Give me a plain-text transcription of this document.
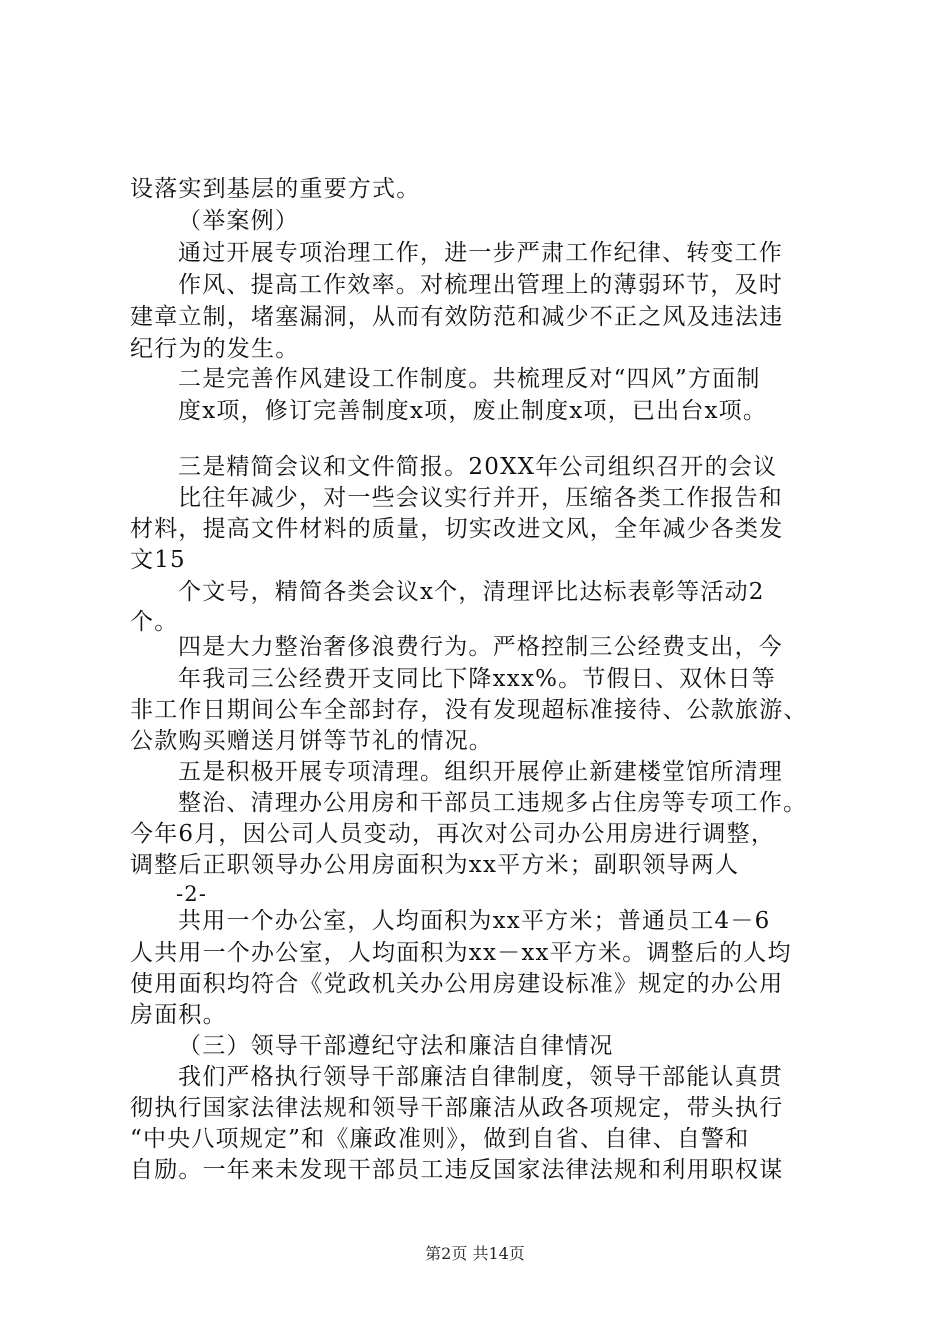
设落实到基层的重要方式。
（举案例）
通过开展专项治理工作，进一步严肃工作纪律、转变工作
作风、提高工作效率。对梳理出管理上的薄弱环节，及时
建章立制，堵塞漏洞，从而有效防范和减少不正之风及违法违
纪行为的发生。
二是完善作风建设工作制度。共梳理反对“四风”方面制
度x项，修订完善制度x项，废止制度x项，已出台x项。
三是精简会议和文件简报。20XX年公司组织召开的会议
比往年减少，对一些会议实行并开，压缩各类工作报告和
材料，提高文件材料的质量，切实改进文风，全年减少各类发
文15
个文号，精简各类会议x个，清理评比达标表彰等活动2
个。
四是大力整治奢侈浪费行为。严格控制三公经费支出，今
年我司三公经费开支同比下降xxx%。节假日、双休日等
非工作日期间公车全部封存，没有发现超标准接待、公款旅游、
公款购买赠送月饼等节礼的情况。
五是积极开展专项清理。组织开展停止新建楼堂馆所清理
整治、清理办公用房和干部员工违规多占住房等专项工作。
今年6月，因公司人员变动，再次对公司办公用房进行调整，
调整后正职领导办公用房面积为xx平方米；副职领导两人
-2-
共用一个办公室，人均面积为xx平方米；普通员工4－6
人共用一个办公室，人均面积为xx－xx平方米。调整后的人均
使用面积均符合《党政机关办公用房建设标准》规定的办公用
房面积。
（三）领导干部遵纪守法和廉洁自律情况
我们严格执行领导干部廉洁自律制度，领导干部能认真贯
彻执行国家法律法规和领导干部廉洁从政各项规定，带头执行
“中央八项规定”和《廉政准则》，做到自省、自律、自警和
自励。一年来未发现干部员工违反国家法律法规和利用职权谋
第2页 共14页
